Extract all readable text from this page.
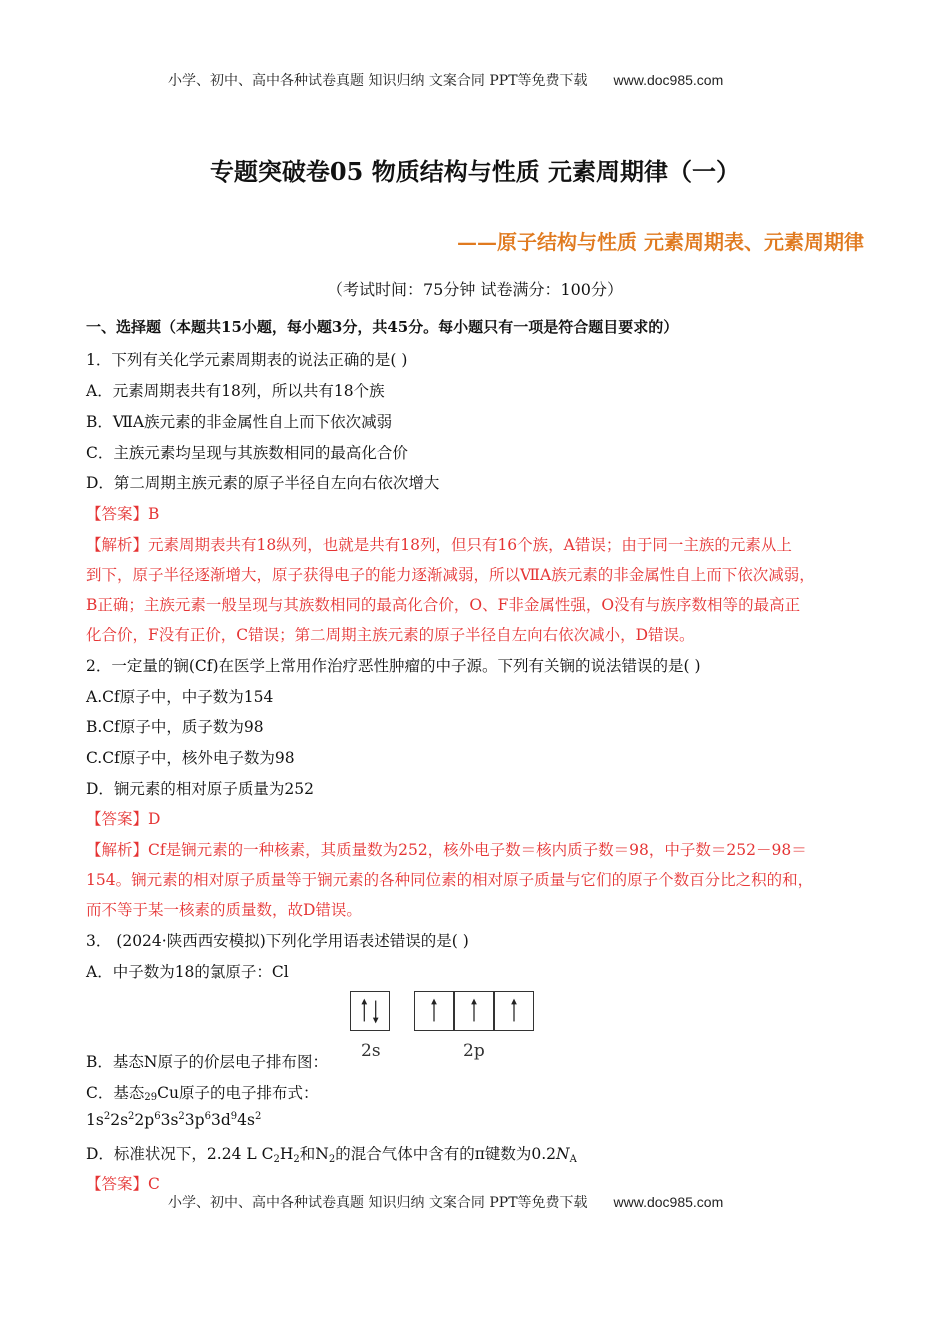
小学、初中、高中各种试卷真题 知识归纳 文案合同 PPT等免费下载 www.doc985.com
专题突破卷05 物质结构与性质 元素周期律（一）
——原子结构与性质 元素周期表、元素周期律
（考试时间：75分钟 试卷满分：100分）
一、选择题（本题共15小题，每小题3分，共45分。每小题只有一项是符合题目要求的）
1．下列有关化学元素周期表的说法正确的是( )
A．元素周期表共有18列，所以共有18个族
B．ⅦA族元素的非金属性自上而下依次减弱
C．主族元素均呈现与其族数相同的最高化合价
D．第二周期主族元素的原子半径自左向右依次增大
【答案】B
【解析】元素周期表共有18纵列，也就是共有18列，但只有16个族，A错误；由于同一主族的元素从上
到下，原子半径逐渐增大，原子获得电子的能力逐渐减弱，所以ⅦA族元素的非金属性自上而下依次减弱，
B正确；主族元素一般呈现与其族数相同的最高化合价，O、F非金属性强，O没有与族序数相等的最高正
化合价，F没有正价，C错误；第二周期主族元素的原子半径自左向右依次减小，D错误。
2．一定量的锎(Cf)在医学上常用作治疗恶性肿瘤的中子源。下列有关锎的说法错误的是( )
A.Cf原子中，中子数为154
B.Cf原子中，质子数为98
C.Cf原子中，核外电子数为98
D．锎元素的相对原子质量为252
【答案】D
【解析】Cf是锎元素的一种核素，其质量数为252，核外电子数＝核内质子数＝98，中子数＝252－98＝
154。锎元素的相对原子质量等于锎元素的各种同位素的相对原子质量与它们的原子个数百分比之积的和，
而不等于某一核素的质量数，故D错误。
3． (2024·陕西西安模拟)下列化学用语表述错误的是( )
A．中子数为18的氯原子：Cl
2s	2p
B．基态N原子的价层电子排布图：
C．基态29Cu原子的电子排布式：
$1s^22s^22p^63s^23p^63d^94s^2$
D．标准状况下，2.24 L $C_2H_2$和$N_2$的混合气体中含有的π键数为$0.2N_A$
【答案】C
小学、初中、高中各种试卷真题 知识归纳 文案合同 PPT等免费下载 www.doc985.com
